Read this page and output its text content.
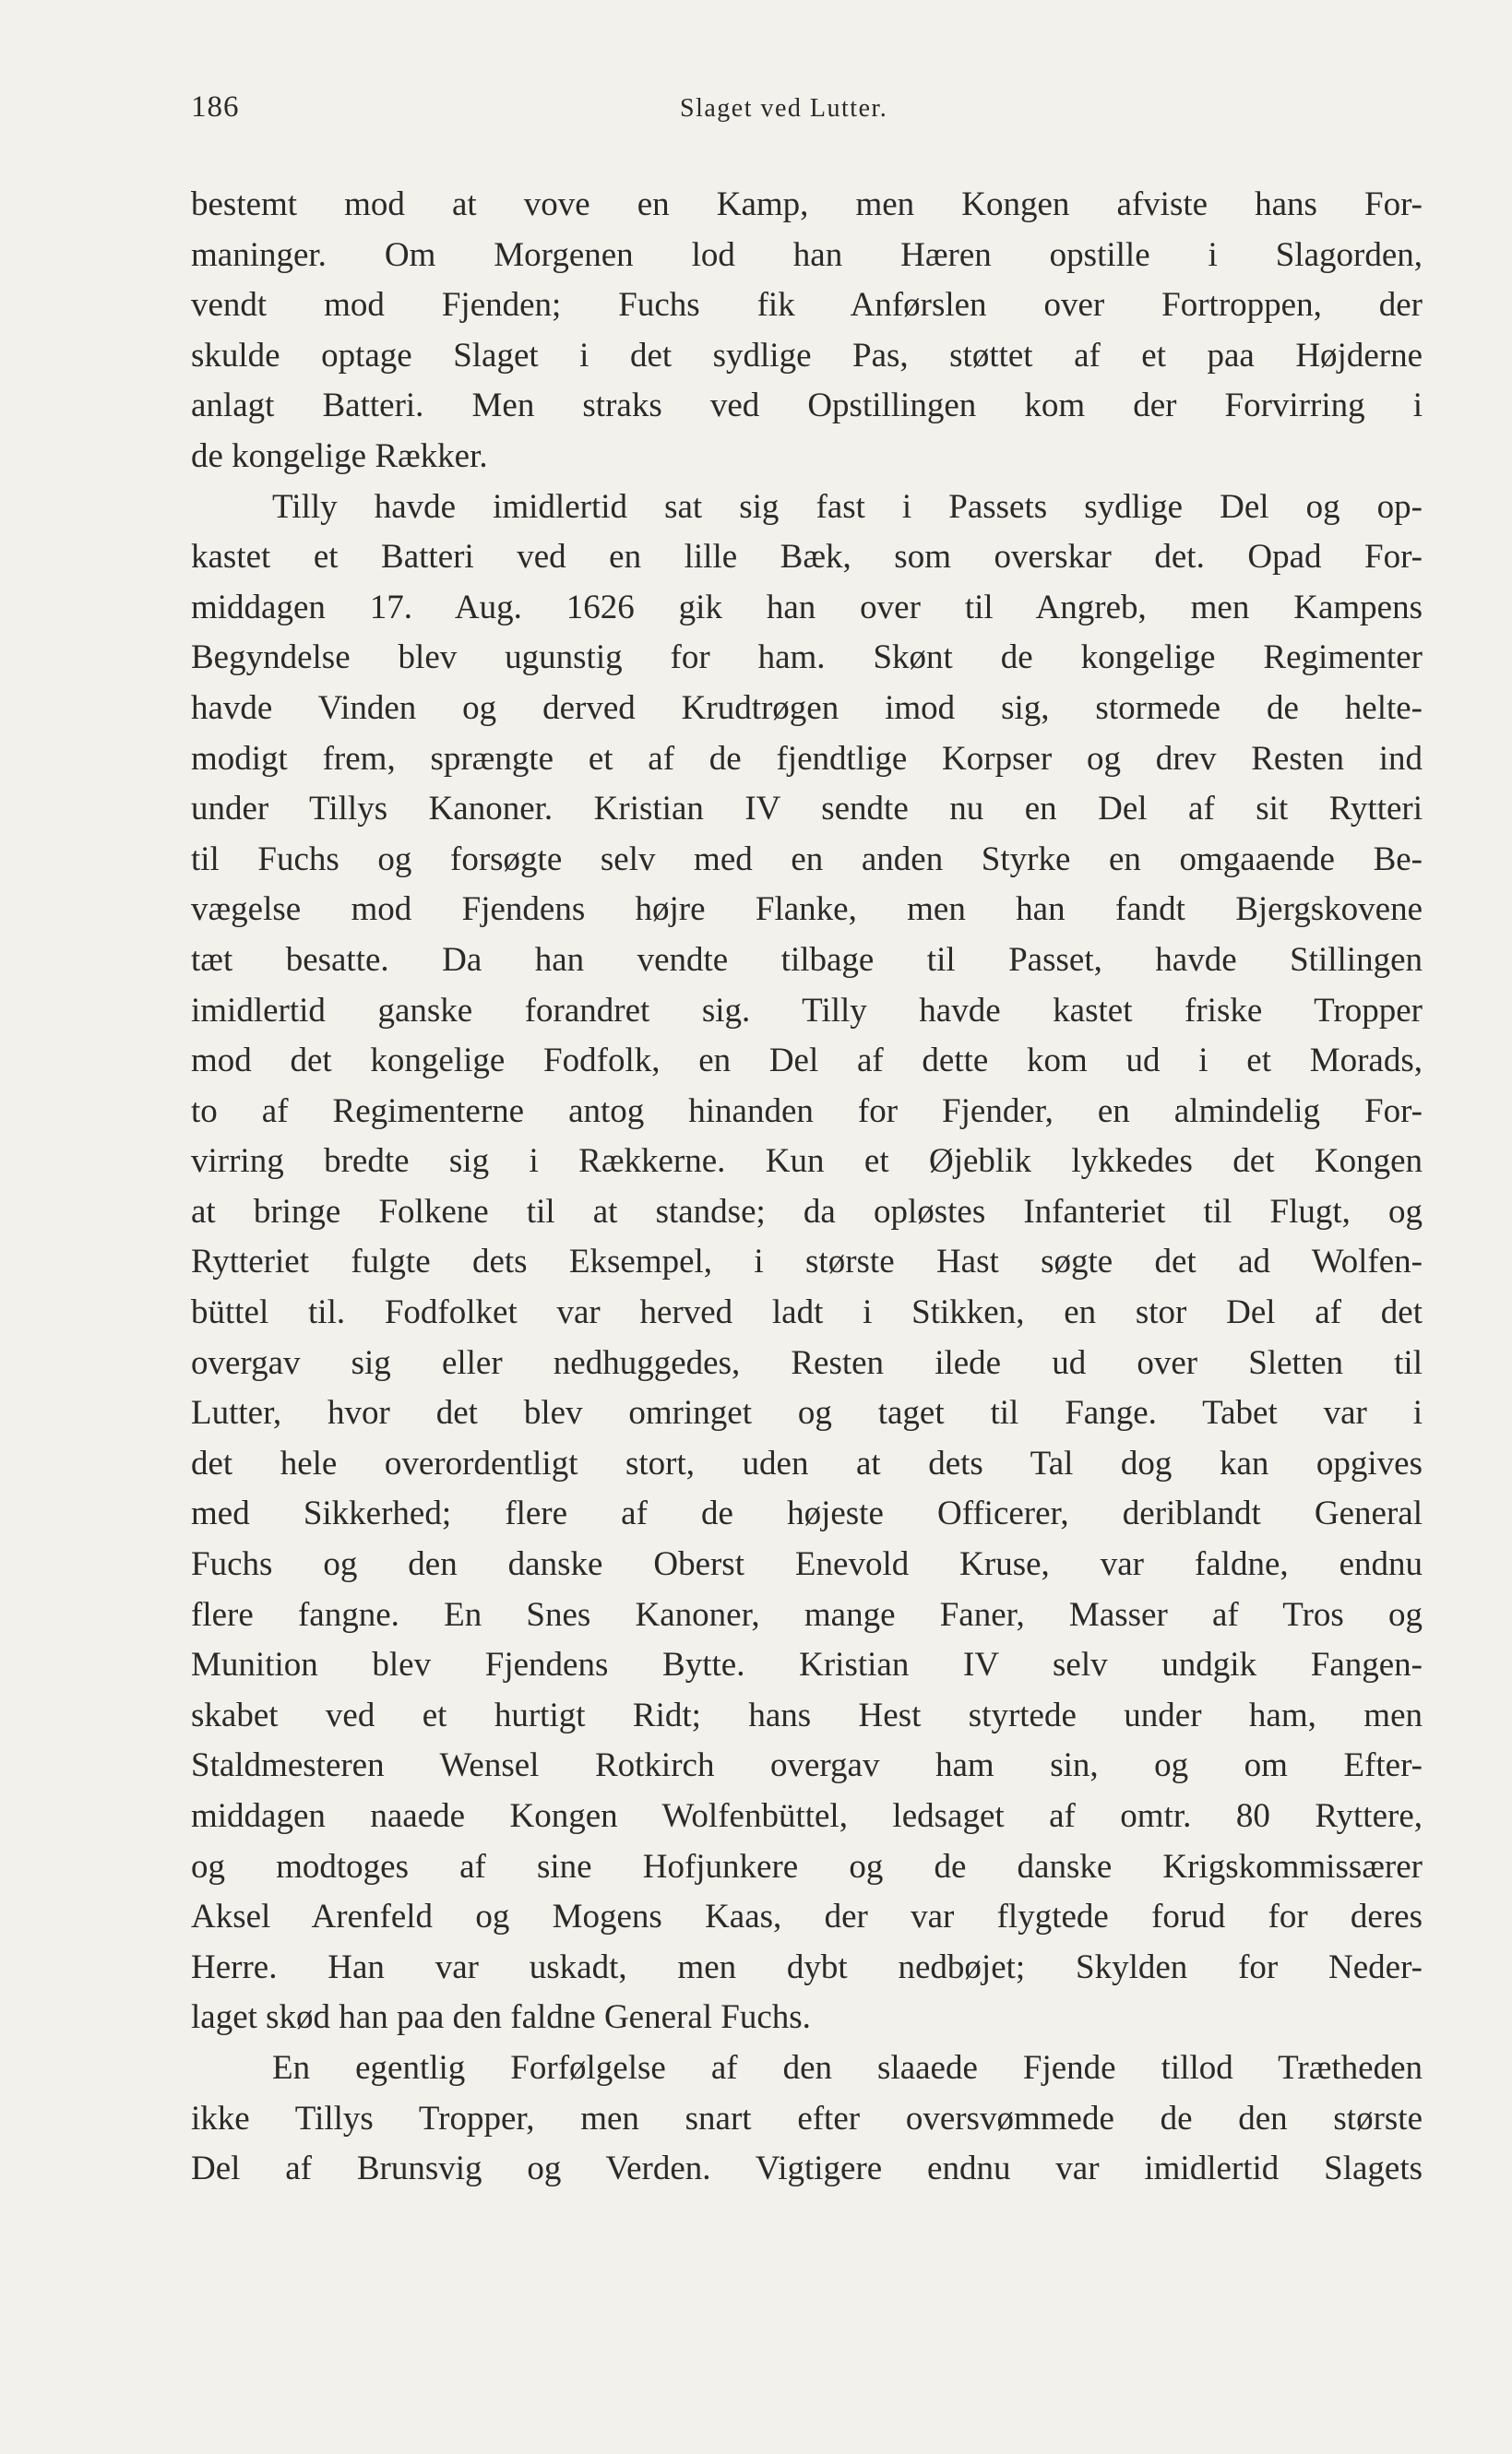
186	Slaget ved Lutter.
bestemt mod at vove en Kamp, men Kongen afviste hans For-
maninger. Om Morgenen lod han Hæren opstille i Slagorden,
vendt mod Fjenden; Fuchs fik Anførslen over Fortroppen, der
skulde optage Slaget i det sydlige Pas, støttet af et paa Højderne
anlagt Batteri. Men straks ved Opstillingen kom der Forvirring i
de kongelige Rækker.
Tilly havde imidlertid sat sig fast i Passets sydlige Del og op-
kastet et Batteri ved en lille Bæk, som overskar det. Opad For-
middagen 17. Aug. 1626 gik han over til Angreb, men Kampens
Begyndelse blev ugunstig for ham. Skønt de kongelige Regimenter
havde Vinden og derved Krudtrøgen imod sig, stormede de helte-
modigt frem, sprængte et af de fjendtlige Korpser og drev Resten ind
under Tillys Kanoner. Kristian IV sendte nu en Del af sit Rytteri
til Fuchs og forsøgte selv med en anden Styrke en omgaaende Be-
vægelse mod Fjendens højre Flanke, men han fandt Bjergskovene
tæt besatte. Da han vendte tilbage til Passet, havde Stillingen
imidlertid ganske forandret sig. Tilly havde kastet friske Tropper
mod det kongelige Fodfolk, en Del af dette kom ud i et Morads,
to af Regimenterne antog hinanden for Fjender, en almindelig For-
virring bredte sig i Rækkerne. Kun et Øjeblik lykkedes det Kongen
at bringe Folkene til at standse; da opløstes Infanteriet til Flugt, og
Rytteriet fulgte dets Eksempel, i største Hast søgte det ad Wolfen-
büttel til. Fodfolket var herved ladt i Stikken, en stor Del af det
overgav sig eller nedhuggedes, Resten ilede ud over Sletten til
Lutter, hvor det blev omringet og taget til Fange. Tabet var i
det hele overordentligt stort, uden at dets Tal dog kan opgives
med Sikkerhed; flere af de højeste Officerer, deriblandt General
Fuchs og den danske Oberst Enevold Kruse, var faldne, endnu
flere fangne. En Snes Kanoner, mange Faner, Masser af Tros og
Munition blev Fjendens Bytte. Kristian IV selv undgik Fangen-
skabet ved et hurtigt Ridt; hans Hest styrtede under ham, men
Staldmesteren Wensel Rotkirch overgav ham sin, og om Efter-
middagen naaede Kongen Wolfenbüttel, ledsaget af omtr. 80 Ryttere,
og modtoges af sine Hofjunkere og de danske Krigskommissærer
Aksel Arenfeld og Mogens Kaas, der var flygtede forud for deres
Herre. Han var uskadt, men dybt nedbøjet; Skylden for Neder-
laget skød han paa den faldne General Fuchs.
En egentlig Forfølgelse af den slaaede Fjende tillod Trætheden
ikke Tillys Tropper, men snart efter oversvømmede de den største
Del af Brunsvig og Verden. Vigtigere endnu var imidlertid Slagets
